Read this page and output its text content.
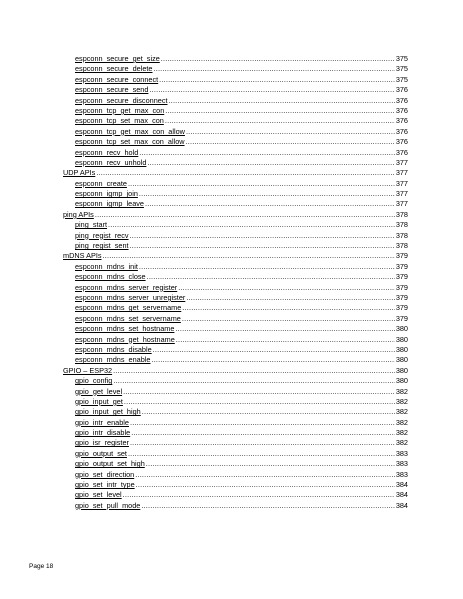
espconn_secure_get_size .....	375
espconn_secure_delete .....	375
espconn_secure_connect .....	375
espconn_secure_send .....	376
espconn_secure_disconnect .....	376
espconn_tcp_get_max_con .....	376
espconn_tcp_set_max_con .....	376
espconn_tcp_get_max_con_allow .....	376
espconn_tcp_set_max_con_allow .....	376
espconn_recv_hold .....	376
espconn_recv_unhold .....	377
UDP APIs .....	377
espconn_create .....	377
espconn_igmp_join .....	377
espconn_igmp_leave .....	377
ping APIs .....	378
ping_start .....	378
ping_regist_recv .....	378
ping_regist_sent .....	378
mDNS APIs .....	379
espconn_mdns_init .....	379
espconn_mdns_close .....	379
espconn_mdns_server_register .....	379
espconn_mdns_server_unregister .....	379
espconn_mdns_get_servername .....	379
espconn_mdns_set_servername .....	379
espconn_mdns_set_hostname .....	380
espconn_mdns_get_hostname .....	380
espconn_mdns_disable .....	380
espconn_mdns_enable .....	380
GPIO – ESP32 .....	380
gpio_config .....	380
gpio_get_level .....	382
gpio_input_get .....	382
gpio_input_get_high .....	382
gpio_intr_enable .....	382
gpio_intr_disable .....	382
gpio_isr_register .....	382
gpio_output_set .....	383
gpio_output_set_high .....	383
gpio_set_direction .....	383
gpio_set_intr_type .....	384
gpio_set_level .....	384
gpio_set_pull_mode .....	384
Page 18
